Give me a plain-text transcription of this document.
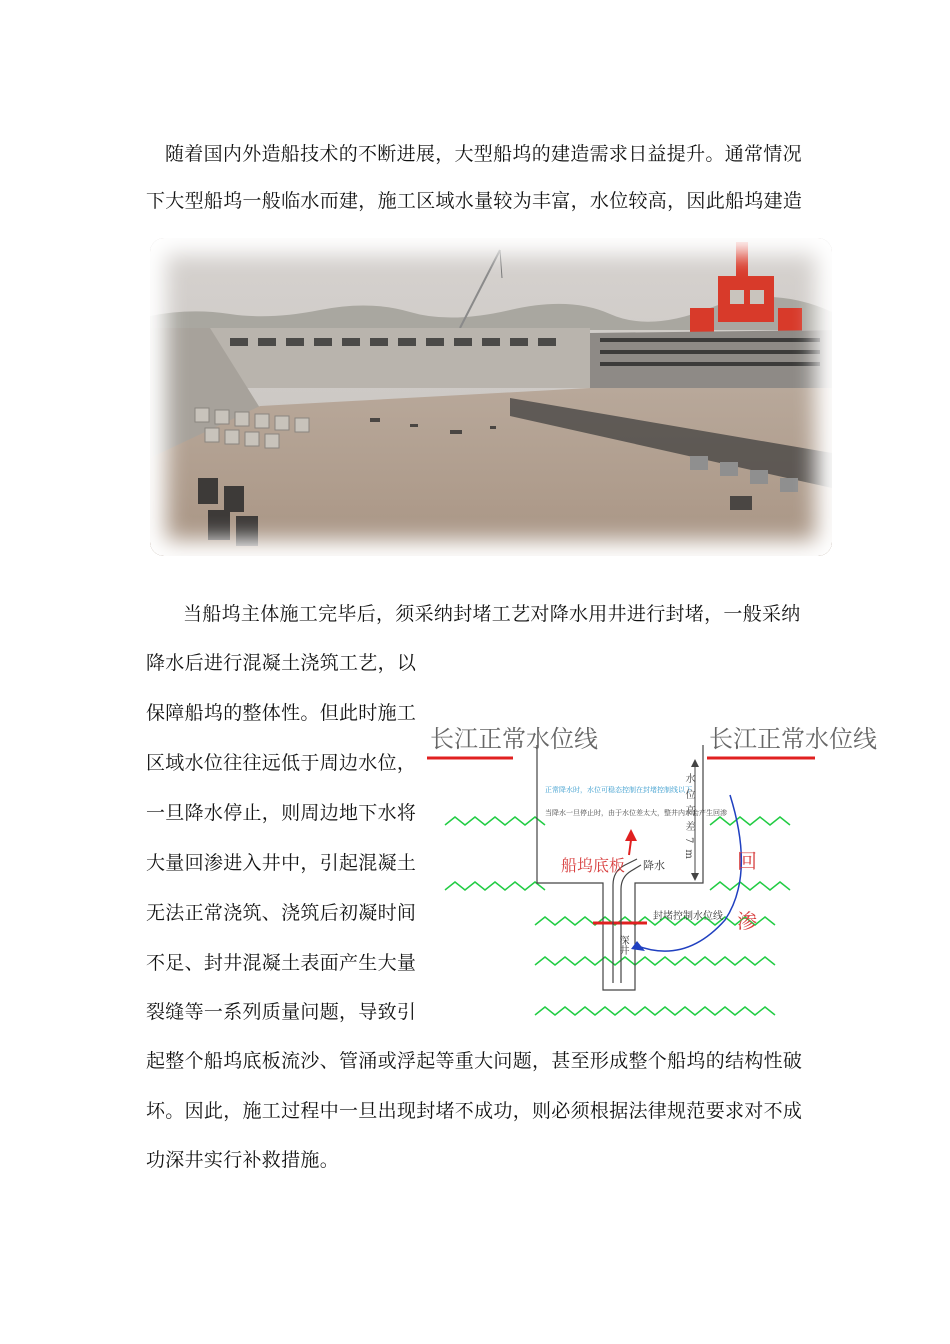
随着国内外造船技术的不断进展，大型船坞的建造需求日益提升。通常情况
下大型船坞一般临水而建，施工区域水量较为丰富，水位较高，因此船坞建造
当船坞主体施工完毕后，须采纳封堵工艺对降水用井进行封堵，一般采纳
降水后进行混凝土浇筑工艺，以
保障船坞的整体性。但此时施工
区域水位往往远低于周边水位，
一旦降水停止，则周边地下水将
大量回渗进入井中，引起混凝土
无法正常浇筑、浇筑后初凝时间
不足、封井混凝土表面产生大量
裂缝等一系列质量问题，导致引
起整个船坞底板流沙、管涌或浮起等重大问题，甚至形成整个船坞的结构性破
坏。因此，施工过程中一旦出现封堵不成功，则必须根据法律规范要求对不成
功深井实行补救措施。
长江正常水位线	长江正常水位线
正常降水时，水位可稳态控制在封堵控制线以下
当降水一旦停止时，由于水位差太大，整井内水会产生回渗
船坞底板 降水
封堵控制水位线
深井
水位高差7m 回
渗
